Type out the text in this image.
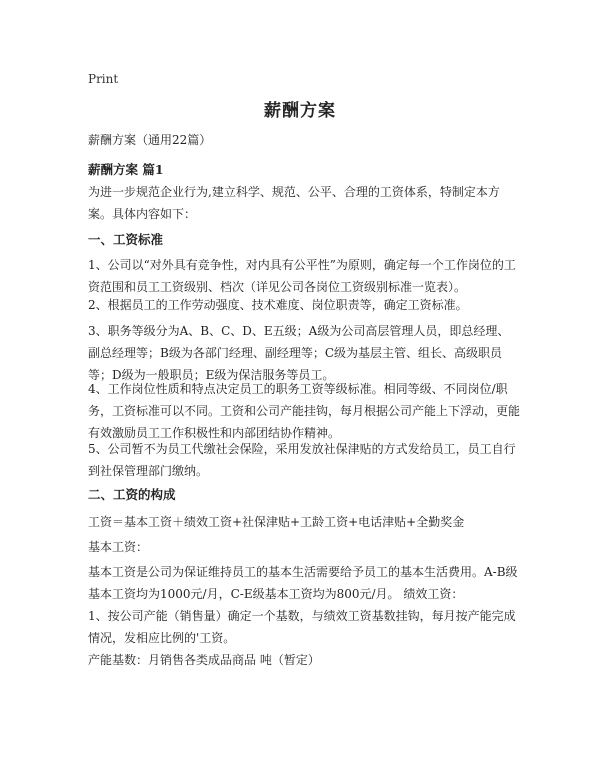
Print
薪酬方案
薪酬方案（通用22篇）
薪酬方案 篇1
为进一步规范企业行为,建立科学、规范、公平、合理的工资体系，特制定本方案。具体内容如下：
一、工资标准
1、公司以“对外具有竞争性，对内具有公平性”为原则，确定每一个工作岗位的工资范围和员工工资级别、档次（详见公司各岗位工资级别标准一览表）。
2、根据员工的工作劳动强度、技术难度、岗位职责等，确定工资标准。
3、职务等级分为A、B、C、D、E五级；A级为公司高层管理人员，即总经理、副总经理等；B级为各部门经理、副经理等；C级为基层主管、组长、高级职员等；D级为一般职员；E级为保洁服务等员工。
4、工作岗位性质和特点决定员工的职务工资等级标准。相同等级、不同岗位/职务，工资标准可以不同。工资和公司产能挂钩，每月根据公司产能上下浮动，更能有效激励员工工作积极性和内部团结协作精神。
5、公司暂不为员工代缴社会保险，采用发放社保津贴的方式发给员工，员工自行到社保管理部门缴纳。
二、工资的构成
工资＝基本工资＋绩效工资+社保津贴+工龄工资+电话津贴+全勤奖金
基本工资：
基本工资是公司为保证维持员工的基本生活需要给予员工的基本生活费用。A-B级基本工资均为1000元/月，C-E级基本工资均为800元/月。 绩效工资：
1、按公司产能（销售量）确定一个基数，与绩效工资基数挂钩，每月按产能完成情况，发相应比例的'工资。
产能基数：月销售各类成品商品 吨（暂定）
